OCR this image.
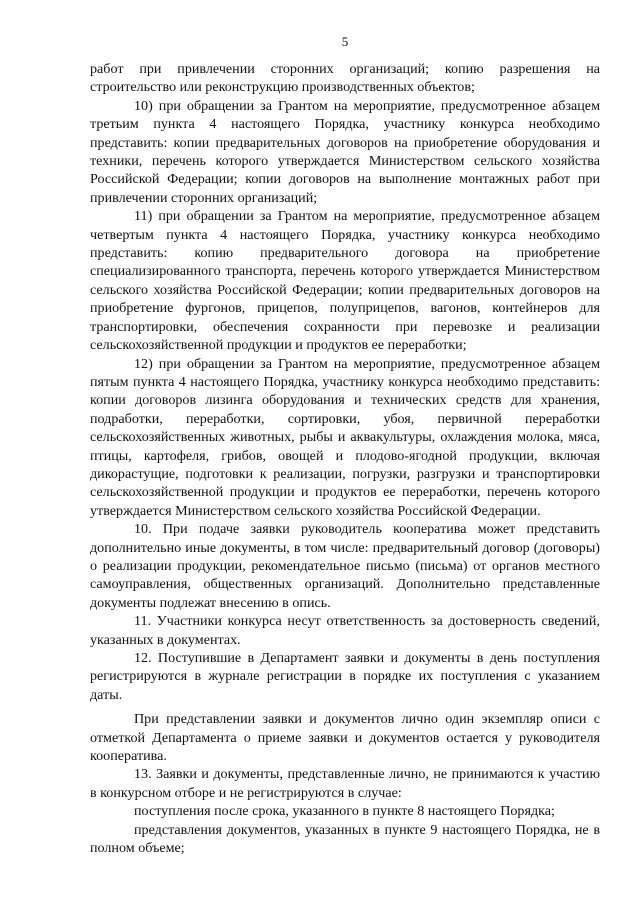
5

работ при привлечении сторонних организаций; копию разрешения на строительство или реконструкцию производственных объектов;

10) при обращении за Грантом на мероприятие, предусмотренное абзацем третьим пункта 4 настоящего Порядка, участнику конкурса необходимо представить: копии предварительных договоров на приобретение оборудования и техники, перечень которого утверждается Министерством сельского хозяйства Российской Федерации; копии договоров на выполнение монтажных работ при привлечении сторонних организаций;

11) при обращении за Грантом на мероприятие, предусмотренное абзацем четвертым пункта 4 настоящего Порядка, участнику конкурса необходимо представить: копию предварительного договора на приобретение специализированного транспорта, перечень которого утверждается Министерством сельского хозяйства Российской Федерации; копии предварительных договоров на приобретение фургонов, прицепов, полуприцепов, вагонов, контейнеров для транспортировки, обеспечения сохранности при перевозке и реализации сельскохозяйственной продукции и продуктов ее переработки;

12) при обращении за Грантом на мероприятие, предусмотренное абзацем пятым пункта 4 настоящего Порядка, участнику конкурса необходимо представить: копии договоров лизинга оборудования и технических средств для хранения, подработки, переработки, сортировки, убоя, первичной переработки сельскохозяйственных животных, рыбы и аквакультуры, охлаждения молока, мяса, птицы, картофеля, грибов, овощей и плодово-ягодной продукции, включая дикорастущие, подготовки к реализации, погрузки, разгрузки и транспортировки сельскохозяйственной продукции и продуктов ее переработки, перечень которого утверждается Министерством сельского хозяйства Российской Федерации.

10. При подаче заявки руководитель кооператива может представить дополнительно иные документы, в том числе: предварительный договор (договоры) о реализации продукции, рекомендательное письмо (письма) от органов местного самоуправления, общественных организаций. Дополнительно представленные документы подлежат внесению в опись.

11. Участники конкурса несут ответственность за достоверность сведений, указанных в документах.

12. Поступившие в Департамент заявки и документы в день поступления регистрируются в журнале регистрации в порядке их поступления с указанием даты.

При представлении заявки и документов лично один экземпляр описи с отметкой Департамента о приеме заявки и документов остается у руководителя кооператива.

13. Заявки и документы, представленные лично, не принимаются к участию в конкурсном отборе и не регистрируются в случае:

поступления после срока, указанного в пункте 8 настоящего Порядка;

представления документов, указанных в пункте 9 настоящего Порядка, не в полном объеме;
